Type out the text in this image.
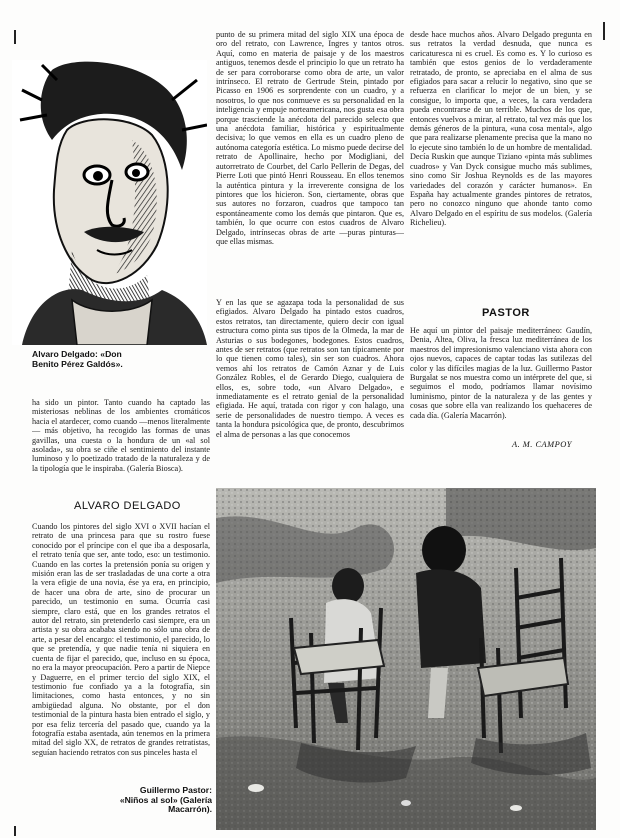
Alvaro Delgado: «Don Benito Pérez Galdós».
ha sido un pintor. Tanto cuando ha captado las misteriosas neblinas de los ambientes cromáticos hacia el atardecer, como cuando —menos literalmente— más objetivo, ha recogido las formas de unas gavillas, una cuesta o la hondura de un «al sol asolada», su obra se ciñe el sentimiento del instante luminoso y lo poetizado tratado de la naturaleza y de la tipología que le inspiraba. (Galería Biosca).
ALVARO DELGADO
Cuando los pintores del siglo XVI o XVII hacían el retrato de una princesa para que su rostro fuese conocido por el príncipe con el que iba a desposarla, el retrato tenía que ser, ante todo, eso: un testimonio. Cuando en las cortes la pretensión ponía su origen y misión eran las de ser trasladadas de una corte a otra la vera efigie de una novia, ése ya era, en principio, de hacer una obra de arte, sino de procurar un parecido, un testimonio en suma. Ocurría casi siempre, claro está, que en los grandes retratos el autor del retrato, sin pretenderlo casi siempre, era un artista y su obra acababa siendo no sólo una obra de arte, a pesar del encargo: el testimonio, el parecido, lo que se pretendía, y que nadie tenía ni siquiera en cuenta de fijar el parecido, que, incluso en su época, no era la mayor preocupación. Pero a partir de Niepce y Daguerre, en el primer tercio del siglo XIX, el testimonio fue confiado ya a la fotografía, sin limitaciones, como hasta entonces, y no sin ambigüedad alguna. No obstante, por el don testimonial de la pintura hasta bien entrado el siglo, y por esa feliz tercería del pasado que, cuando ya la fotografía estaba asentada, aún tenemos en la primera mitad del siglo XX, de retratos de grandes retratistas, seguían haciendo retratos con sus pinceles hasta el
Guillermo Pastor: «Niños al sol» (Galería Macarrón).
punto de su primera mitad del siglo XIX una época de oro del retrato, con Lawrence, Ingres y tantos otros. Aquí, como en materia de paisaje y de los maestros antiguos, tenemos desde el principio lo que un retrato ha de ser para corroborarse como obra de arte, un valor intrínseco. El retrato de Gertrude Stein, pintado por Picasso en 1906 es sorprendente con un cuadro, y a nosotros, lo que nos conmueve es su personalidad en la inteligencia y empuje norteamericana, nos gusta esa obra porque trasciende la anécdota del parecido selecto que una anécdota familiar, histórica y espiritualmente decisiva; lo que vemos en ella es un cuadro pleno de autónoma categoría estética. Lo mismo puede decirse del retrato de Apollinaire, hecho por Modigliani, del autorretrato de Courbet, del Carlo Pellerin de Degas, del Pierre Loti que pintó Henri Rousseau. En ellos tenemos la auténtica pintura y la irreverente consigna de los pintores que los hicieron. Son, ciertamente, obras que sus autores no forzaron, cuadros que tampoco tan espontáneamente como los demás que pintaron. Que es, también, lo que ocurre con estos cuadros de Alvaro Delgado, intrínsecas obras de arte —puras pinturas— que ellas mismas.
Y en las que se agazapa toda la personalidad de sus efigiados. Alvaro Delgado ha pintado estos cuadros, estos retratos, tan directamente, quiero decir con igual estructura como pinta sus tipos de la Olmeda, la mar de Asturias o sus bodegones, bodegones. Estos cuadros, antes de ser retratos (que retratos son tan típicamente por lo que tienen como tales), sin ser son cuadros. Ahora vemos ahí los retratos de Camón Aznar y de Luis González Robles, el de Gerardo Diego, cualquiera de ellos, es, sobre todo, «un Alvaro Delgado», e inmediatamente es el retrato genial de la personalidad efigiada. He aquí, tratada con rigor y con halago, una serie de personalidades de nuestro tiempo. A veces es tanta la hondura psicológica que, de pronto, descubrimos el alma de personas a las que conocemos
desde hace muchos años. Alvaro Delgado pregunta en sus retratos la verdad desnuda, que nunca es caricaturesca ni es cruel. Es como es. Y lo curioso es también que estos genios de lo verdaderamente retratado, de pronto, se apreciaba en el alma de sus efigiados para sacar a relucir lo negativo, sino que se refuerza en clarificar lo mejor de un bien, y se consigue, lo importa que, a veces, la cara verdadera pueda encontrarse de un terrible. Muchos de los que, entonces vuelvos a mirar, al retrato, tal vez más que los demás géneros de la pintura, «una cosa mental», algo que para realizarse plenamente precisa que la mano no lo ejecute sino también lo de un hombre de mentalidad. Decía Ruskin que aunque Tiziano «pinta más sublimes cuadros» y Van Dyck consigue mucho más sublimes, sino como Sir Joshua Reynolds es de las mayores variedades del corazón y carácter humanos». En España hay actualmente grandes pintores de retratos, pero no conozco ninguno que ahonde tanto como Alvaro Delgado en el espíritu de sus modelos. (Galería Richelieu).
PASTOR
He aquí un pintor del paisaje mediterráneo: Gaudín, Denia, Altea, Oliva, la fresca luz mediterránea de los maestros del impresionismo valenciano vista ahora con ojos nuevos, capaces de captar todas las sutilezas del color y las difíciles magias de la luz. Guillermo Pastor Burgalat se nos muestra como un intérprete del que, si seguimos el modo, podríamos llamar novísimo luminismo, pintor de la naturaleza y de las gentes y cosas que sobre ella van realizando los quehaceres de cada día. (Galería Macarrón).
A. M. CAMPOY
